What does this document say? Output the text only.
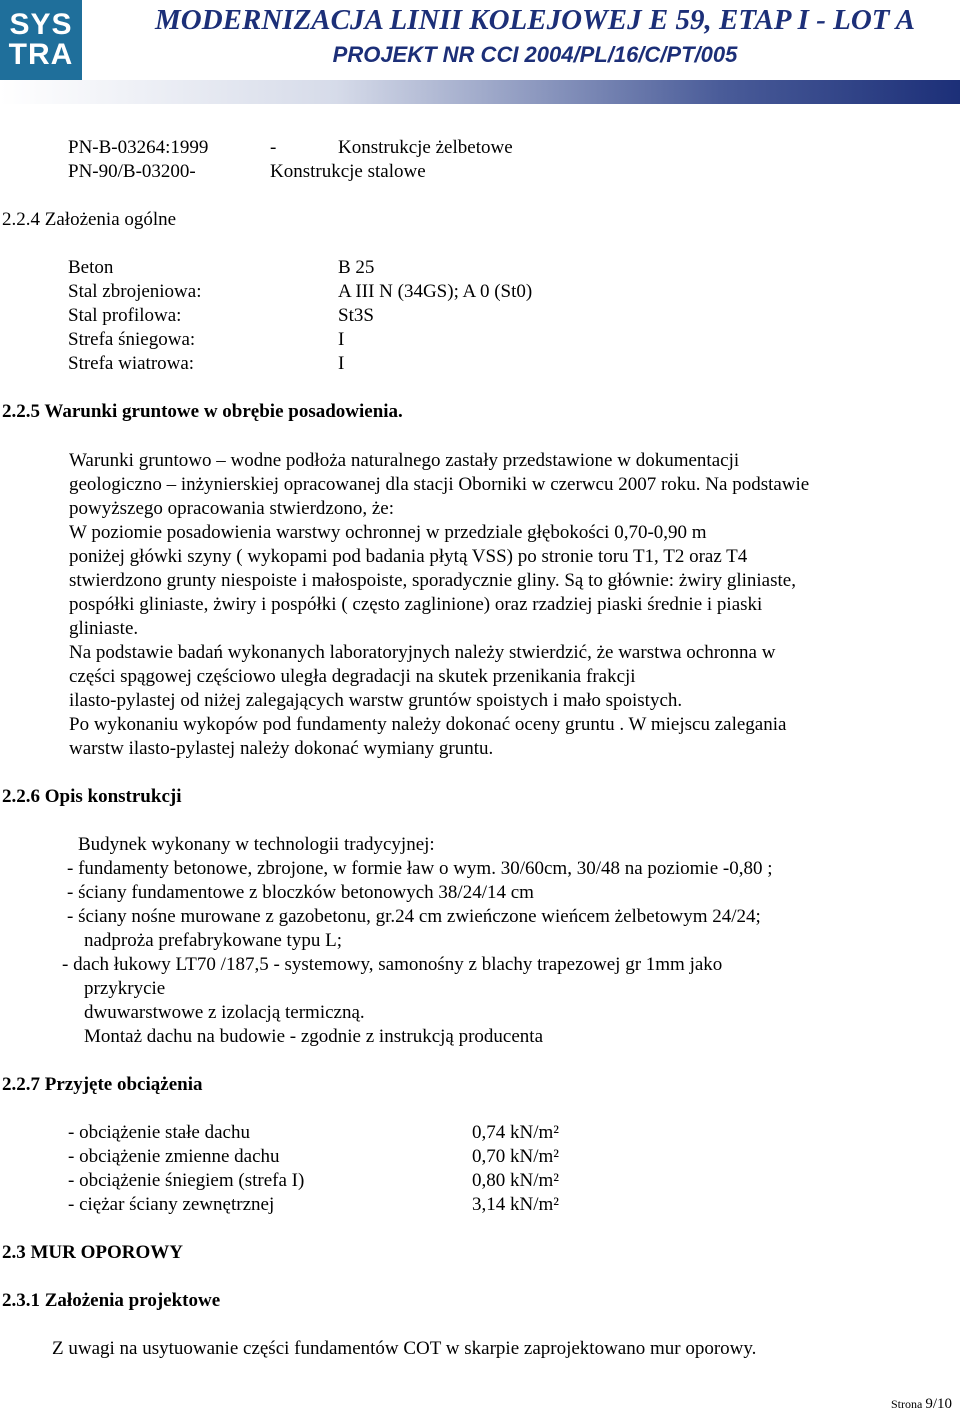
SYS
TRA
MODERNIZACJA LINII KOLEJOWEJ E 59, ETAP I - LOT A
PROJEKT NR CCI 2004/PL/16/C/PT/005
PN-B-03264:1999	-	Konstrukcje żelbetowe
PN-90/B-03200-	Konstrukcje stalowe
2.2.4 Założenia ogólne
Beton	B 25
Stal zbrojeniowa:	A III N (34GS); A 0 (St0)
Stal profilowa:	St3S
Strefa śniegowa:	I
Strefa wiatrowa:	I
2.2.5 Warunki gruntowe w obrębie posadowienia.
Warunki gruntowo – wodne podłoża naturalnego zastały przedstawione w dokumentacji
geologiczno – inżynierskiej opracowanej dla stacji Oborniki w czerwcu 2007 roku. Na podstawie
powyższego opracowania stwierdzono, że:
W poziomie posadowienia warstwy ochronnej w przedziale głębokości 0,70-0,90 m
poniżej główki szyny ( wykopami pod badania płytą VSS) po stronie toru T1, T2 oraz T4
stwierdzono grunty niespoiste i małospoiste, sporadycznie gliny. Są to głównie: żwiry gliniaste,
pospółki gliniaste, żwiry i pospółki ( często zaglinione) oraz rzadziej piaski średnie i piaski
gliniaste.
Na podstawie badań wykonanych laboratoryjnych należy stwierdzić, że warstwa ochronna w
części spągowej częściowo uległa degradacji na skutek przenikania frakcji
ilasto-pylastej od niżej zalegających warstw gruntów spoistych i mało spoistych.
Po wykonaniu wykopów pod fundamenty należy dokonać oceny gruntu . W miejscu zalegania
warstw ilasto-pylastej należy dokonać wymiany gruntu.
2.2.6 Opis konstrukcji
Budynek wykonany w technologii tradycyjnej:
- fundamenty betonowe, zbrojone, w formie ław o wym. 30/60cm, 30/48 na poziomie -0,80 ;
- ściany fundamentowe z bloczków betonowych 38/24/14 cm
- ściany nośne murowane z gazobetonu, gr.24 cm zwieńczone wieńcem żelbetowym 24/24;
nadproża prefabrykowane typu L;
- dach łukowy LT70 /187,5 - systemowy, samonośny z blachy trapezowej gr 1mm jako
przykrycie
dwuwarstwowe z izolacją termiczną.
Montaż dachu na budowie - zgodnie z instrukcją producenta
2.2.7 Przyjęte obciążenia
- obciążenie stałe dachu	0,74 kN/m²
- obciążenie zmienne dachu	0,70 kN/m²
- obciążenie śniegiem (strefa I)	0,80 kN/m²
- ciężar ściany zewnętrznej	3,14 kN/m²
2.3 MUR OPOROWY
2.3.1 Założenia projektowe
Z uwagi na usytuowanie części fundamentów COT w skarpie zaprojektowano mur oporowy.
Strona 9/10
